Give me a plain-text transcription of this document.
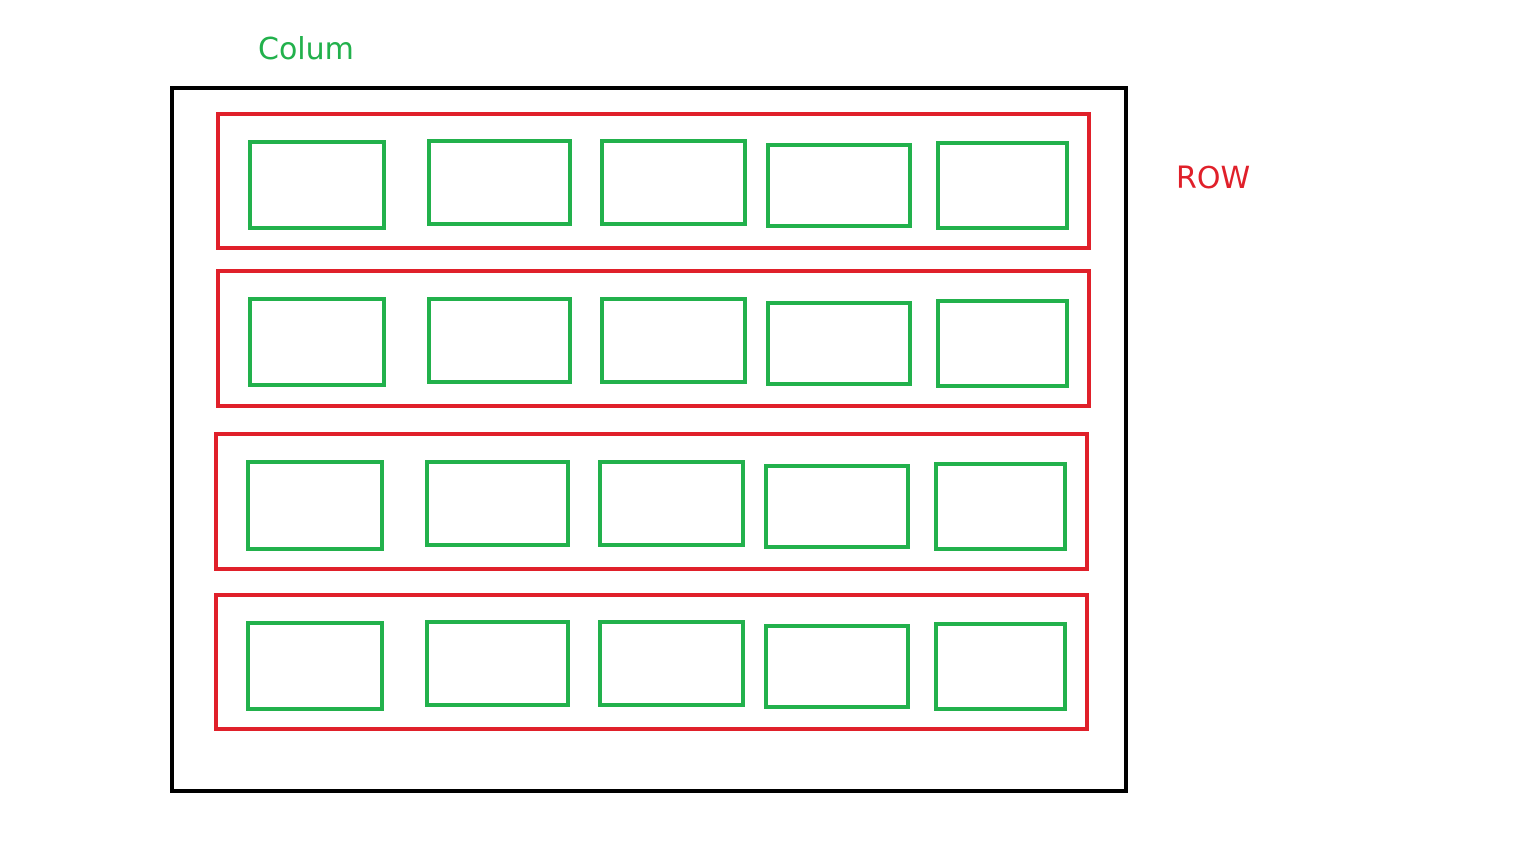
Colum
ROW
